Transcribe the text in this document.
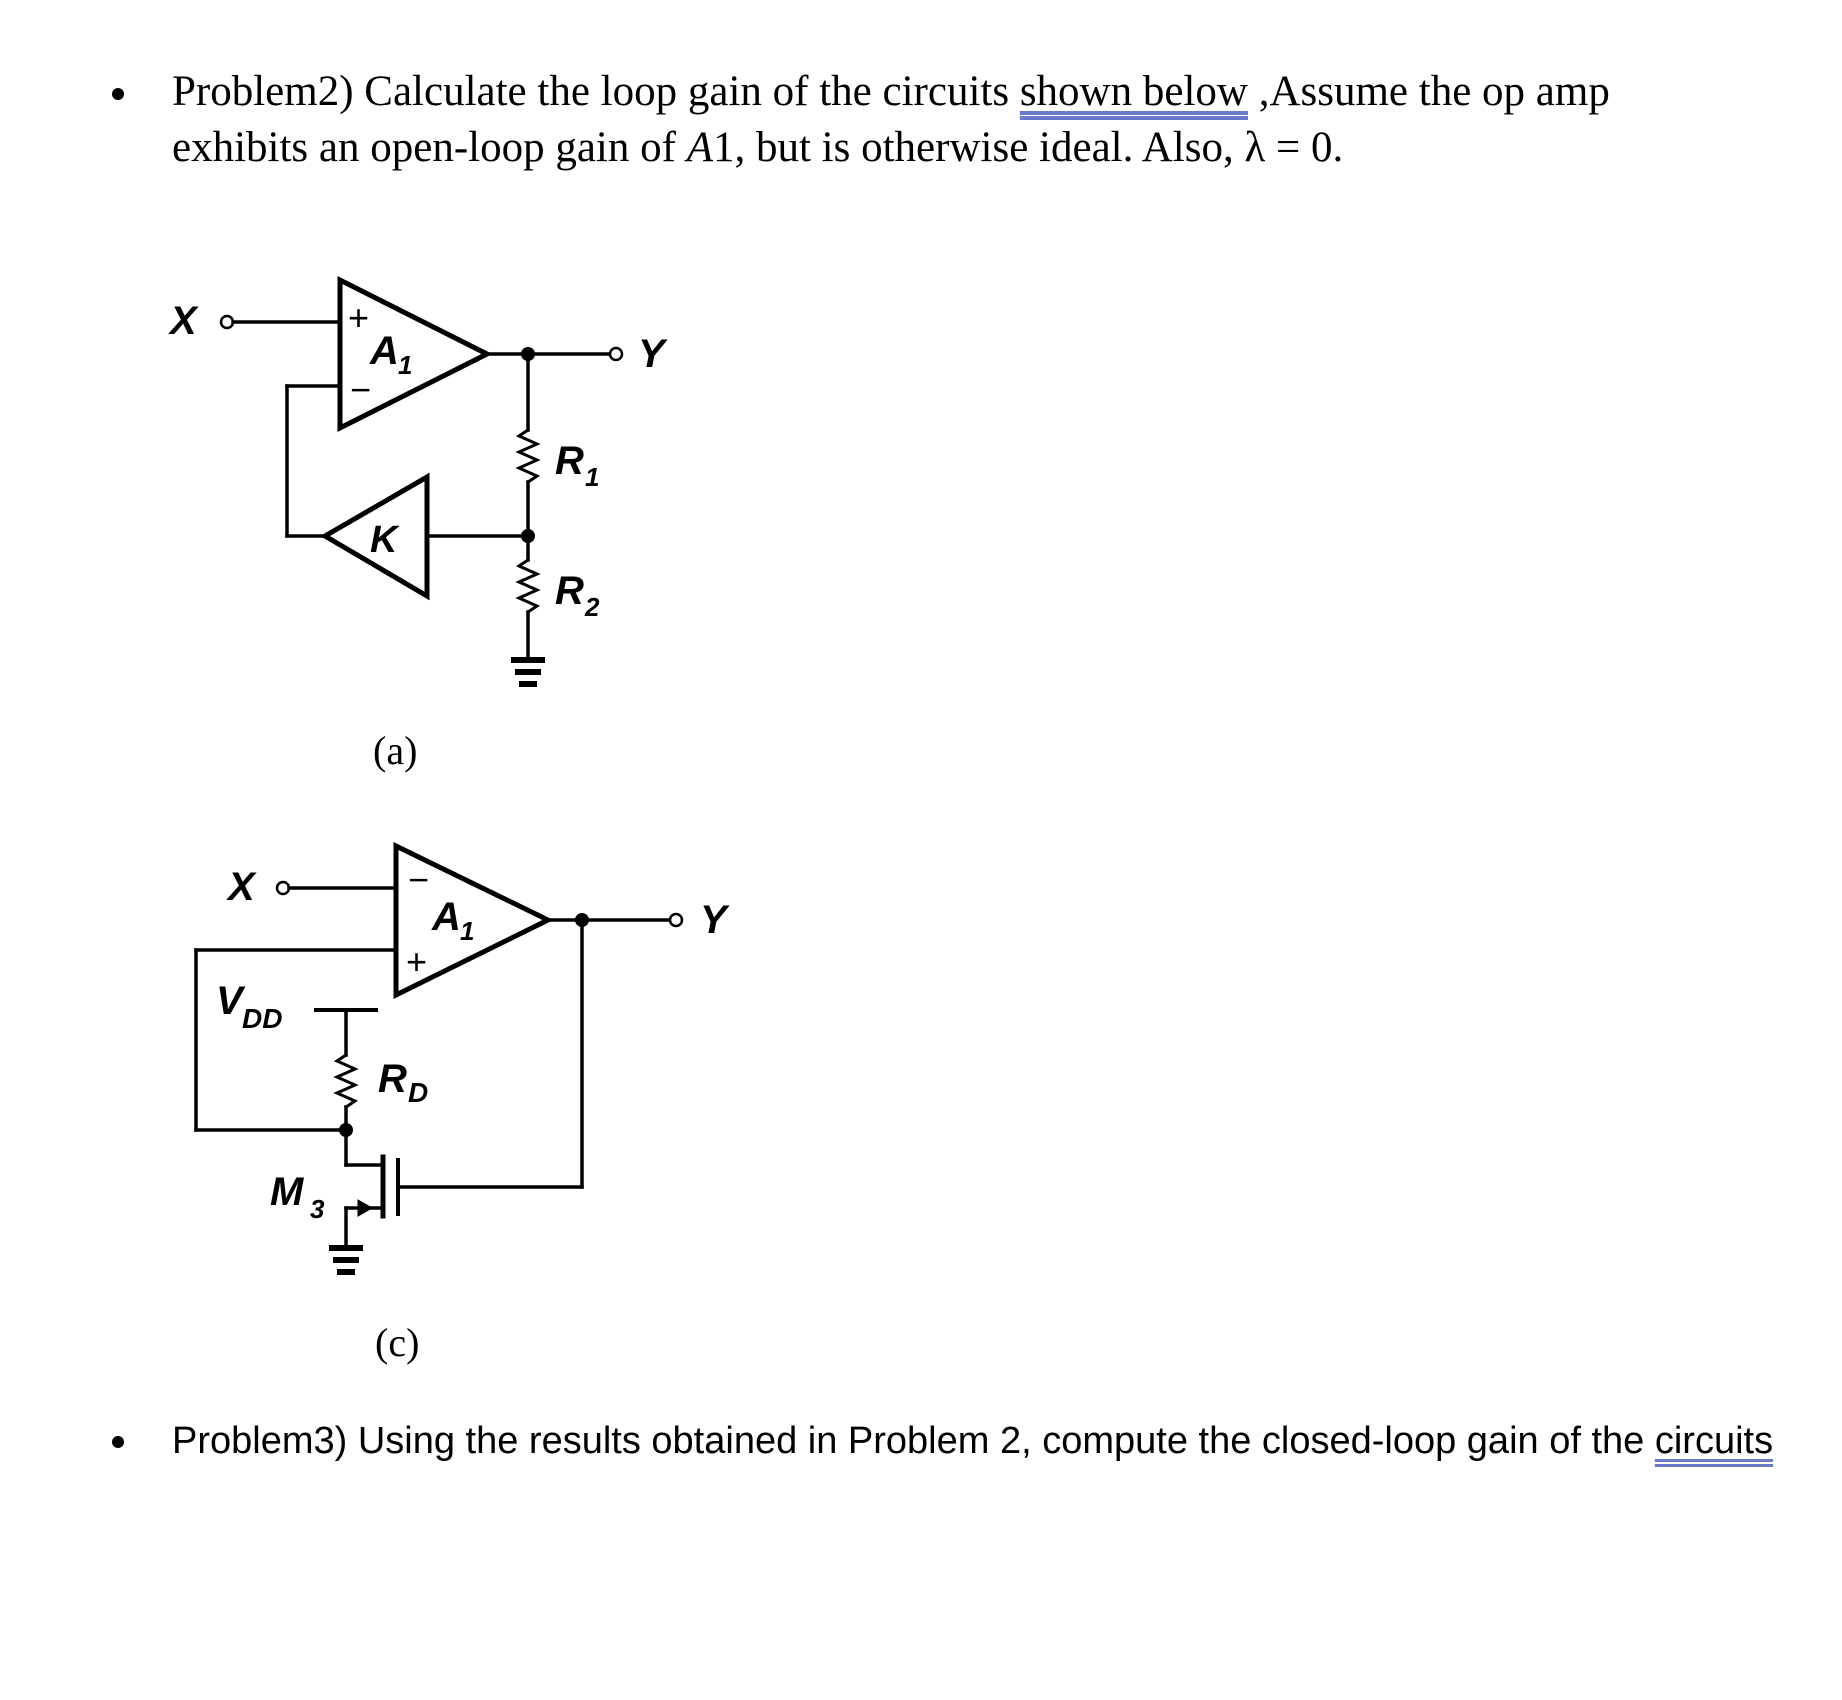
Problem2) Calculate the loop gain of the circuits shown below ,Assume the op amp
exhibits an open-loop gain of A1, but is otherwise ideal. Also, λ = 0.
X
Y
+
−
A 1
K
R 1
R 2
(a)
X
Y
−
+
A 1
V DD
R D
M 3
(c)
Problem3) Using the results obtained in Problem 2, compute the closed-loop gain of the circuits
